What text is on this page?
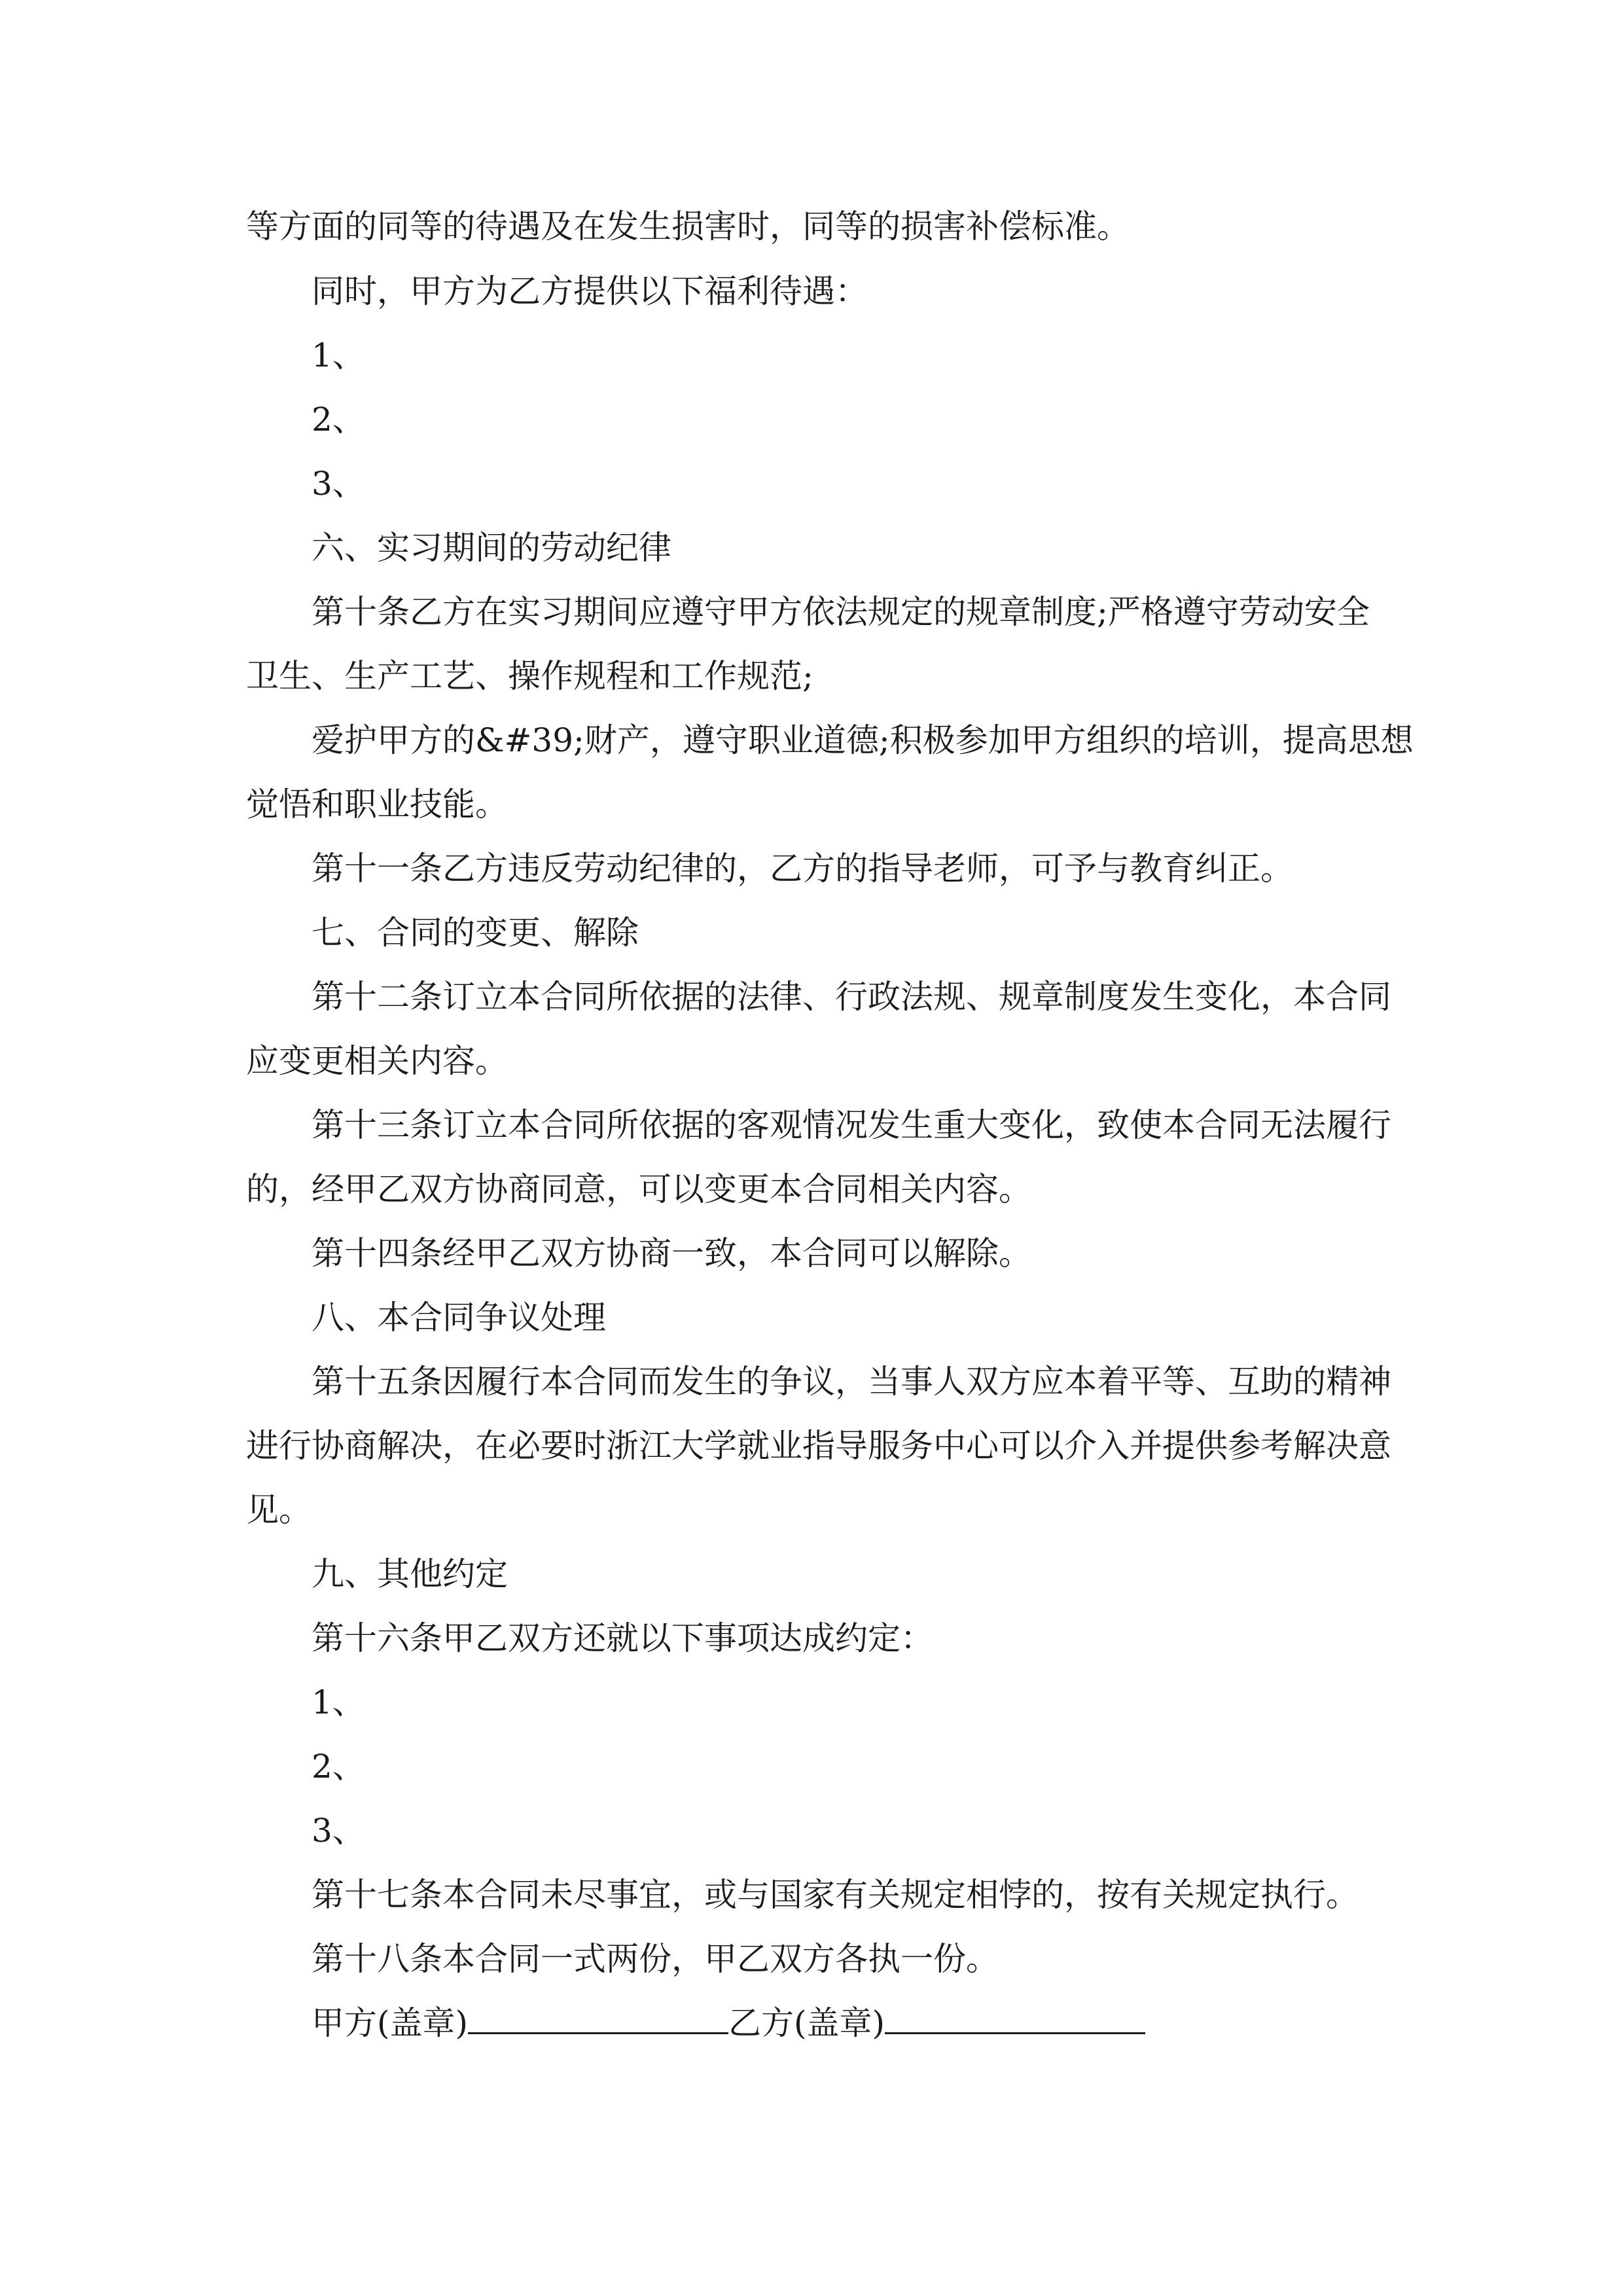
等方面的同等的待遇及在发生损害时，同等的损害补偿标准。

同时，甲方为乙方提供以下福利待遇：

1、

2、

3、

六、实习期间的劳动纪律

第十条乙方在实习期间应遵守甲方依法规定的规章制度;严格遵守劳动安全

卫生、生产工艺、操作规程和工作规范;

爱护甲方的&#39;财产，遵守职业道德;积极参加甲方组织的培训，提高思想

觉悟和职业技能。

第十一条乙方违反劳动纪律的，乙方的指导老师，可予与教育纠正。

七、合同的变更、解除

第十二条订立本合同所依据的法律、行政法规、规章制度发生变化，本合同

应变更相关内容。

第十三条订立本合同所依据的客观情况发生重大变化，致使本合同无法履行

的，经甲乙双方协商同意，可以变更本合同相关内容。

第十四条经甲乙双方协商一致，本合同可以解除。

八、本合同争议处理

第十五条因履行本合同而发生的争议，当事人双方应本着平等、互助的精神

进行协商解决，在必要时浙江大学就业指导服务中心可以介入并提供参考解决意

见。

九、其他约定

第十六条甲乙双方还就以下事项达成约定：

1、

2、

3、

第十七条本合同未尽事宜，或与国家有关规定相悖的，按有关规定执行。

第十八条本合同一式两份，甲乙双方各执一份。

甲方(盖章)	乙方(盖章)
